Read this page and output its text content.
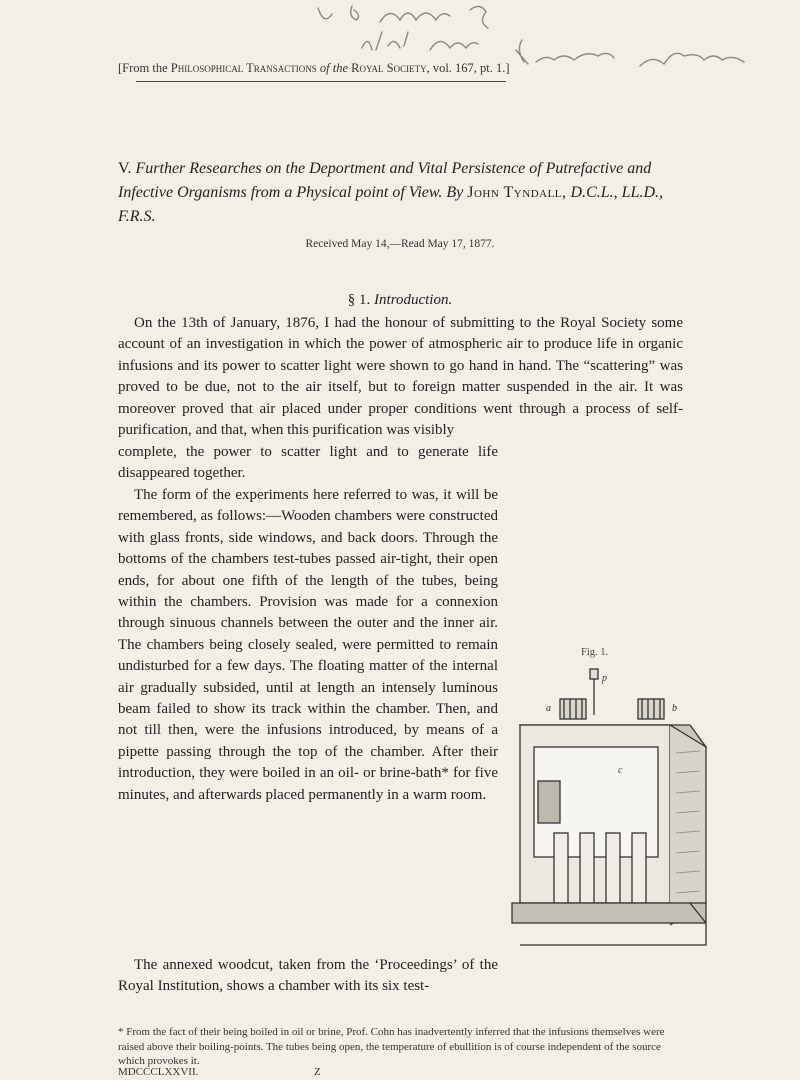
[From the Philosophical Transactions of the Royal Society, vol. 167, pt. 1.]
V. Further Researches on the Deportment and Vital Persistence of Putrefactive and Infective Organisms from a Physical point of View. By John Tyndall, D.C.L., LL.D., F.R.S.
Received May 14,—Read May 17, 1877.
§ 1. Introduction.
On the 13th of January, 1876, I had the honour of submitting to the Royal Society some account of an investigation in which the power of atmospheric air to produce life in organic infusions and its power to scatter light were shown to go hand in hand. The “scattering” was proved to be due, not to the air itself, but to foreign matter suspended in the air. It was moreover proved that air placed under proper conditions went through a process of self-purification, and that, when this purification was visibly
complete, the power to scatter light and to generate life disappeared together.
The form of the experiments here referred to was, it will be remembered, as follows:—Wooden chambers were constructed with glass fronts, side windows, and back doors. Through the bottoms of the chambers test-tubes passed air-tight, their open ends, for about one fifth of the length of the tubes, being within the chambers. Provision was made for a connexion through sinuous channels between the outer and the inner air. The chambers being closely sealed, were permitted to remain undisturbed for a few days. The floating matter of the internal air gradually subsided, until at length an intensely luminous beam failed to show its track within the chamber. Then, and not till then, were the infusions introduced, by means of a pipette passing through the top of the chamber. After their introduction, they were boiled in an oil- or brine-bath* for five minutes, and afterwards placed permanently in a warm room.
The annexed woodcut, taken from the ‘Proceedings’ of the Royal Institution, shows a chamber with its six test-
Fig. 1.
p
a	b
c
* From the fact of their being boiled in oil or brine, Prof. Cohn has inadvertently inferred that the infusions themselves were raised above their boiling-points. The tubes being open, the temperature of ebullition is of course independent of the source which provokes it.
MDCCCLXXVII.	Z
